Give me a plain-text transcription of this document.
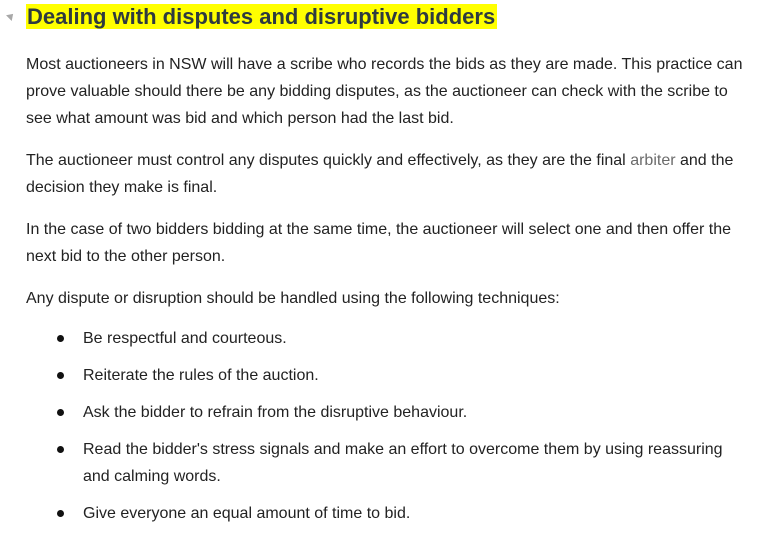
Dealing with disputes and disruptive bidders

Most auctioneers in NSW will have a scribe who records the bids as they are made. This practice can prove valuable should there be any bidding disputes, as the auctioneer can check with the scribe to see what amount was bid and which person had the last bid.

The auctioneer must control any disputes quickly and effectively, as they are the final arbiter and the decision they make is final.

In the case of two bidders bidding at the same time, the auctioneer will select one and then offer the next bid to the other person.

Any dispute or disruption should be handled using the following techniques:

Be respectful and courteous.
Reiterate the rules of the auction.
Ask the bidder to refrain from the disruptive behaviour.
Read the bidder's stress signals and make an effort to overcome them by using reassuring and calming words.
Give everyone an equal amount of time to bid.
